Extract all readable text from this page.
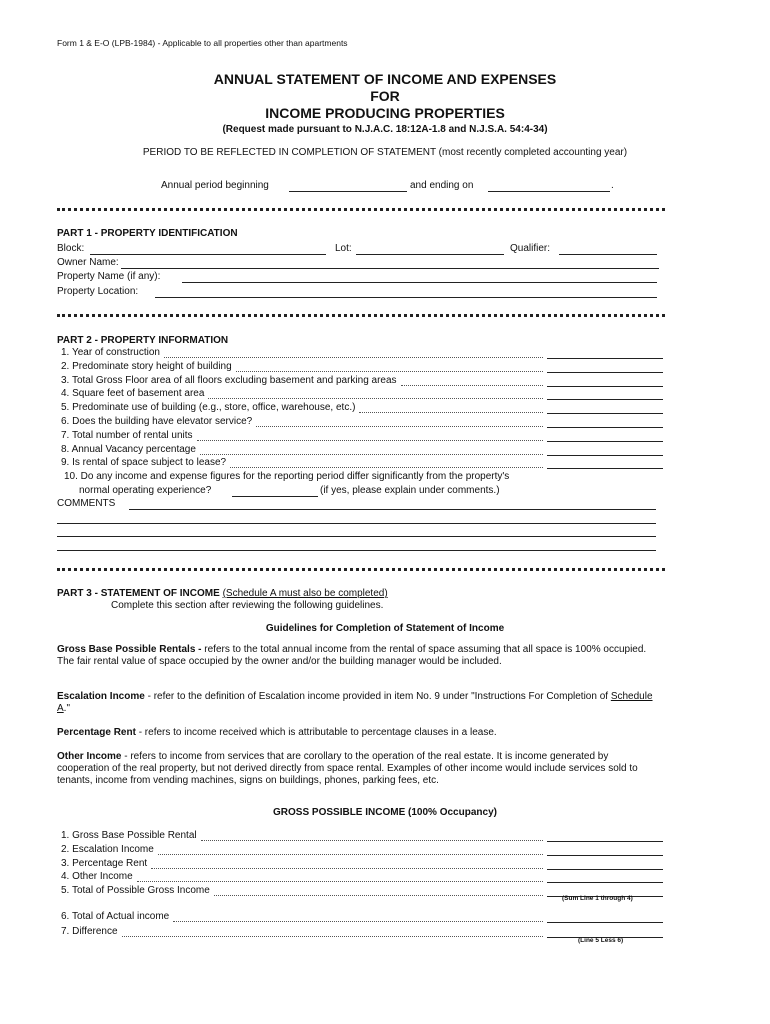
Form 1 & E-O (LPB-1984) - Applicable to all properties other than apartments
ANNUAL STATEMENT OF INCOME AND EXPENSES
FOR
INCOME PRODUCING PROPERTIES
(Request made pursuant to N.J.A.C. 18:12A-1.8 and N.J.S.A. 54:4-34)
PERIOD TO BE REFLECTED IN COMPLETION OF STATEMENT (most recently completed accounting year)
Annual period beginning	and ending on	.
PART 1 - PROPERTY IDENTIFICATION
Block:	Lot:	Qualifier:
Owner Name:
Property Name (if any):
Property Location:
PART 2 - PROPERTY INFORMATION
1. Year of construction
2. Predominate story height of building
3. Total Gross Floor area of all floors excluding basement and parking areas
4. Square feet of basement area
5. Predominate use of building (e.g., store, office, warehouse, etc.)
6. Does the building have elevator service?
7. Total number of rental units
8. Annual Vacancy percentage
9. Is rental of space subject to lease?
10. Do any income and expense figures for the reporting period differ significantly from the property's
normal operating experience?	(if yes, please explain under comments.)
COMMENTS
PART 3 - STATEMENT OF INCOME (Schedule A must also be completed)
Complete this section after reviewing the following guidelines.
Guidelines for Completion of Statement of Income
Gross Base Possible Rentals - refers to the total annual income from the rental of space assuming that all space is 100% occupied. The fair rental value of space occupied by the owner and/or the building manager would be included.
Escalation Income - refer to the definition of Escalation income provided in item No. 9 under "Instructions For Completion of Schedule A."
Percentage Rent - refers to income received which is attributable to percentage clauses in a lease.
Other Income - refers to income from services that are corollary to the operation of the real estate. It is income generated by cooperation of the real property, but not derived directly from space rental. Examples of other income would include services sold to tenants, income from vending machines, signs on buildings, phones, parking fees, etc.
GROSS POSSIBLE INCOME (100% Occupancy)
1. Gross Base Possible Rental
2. Escalation Income
3. Percentage Rent
4. Other Income
5. Total of Possible Gross Income
(Sum Line 1 through 4)
6. Total of Actual income
7. Difference
(Line 5 Less 6)
